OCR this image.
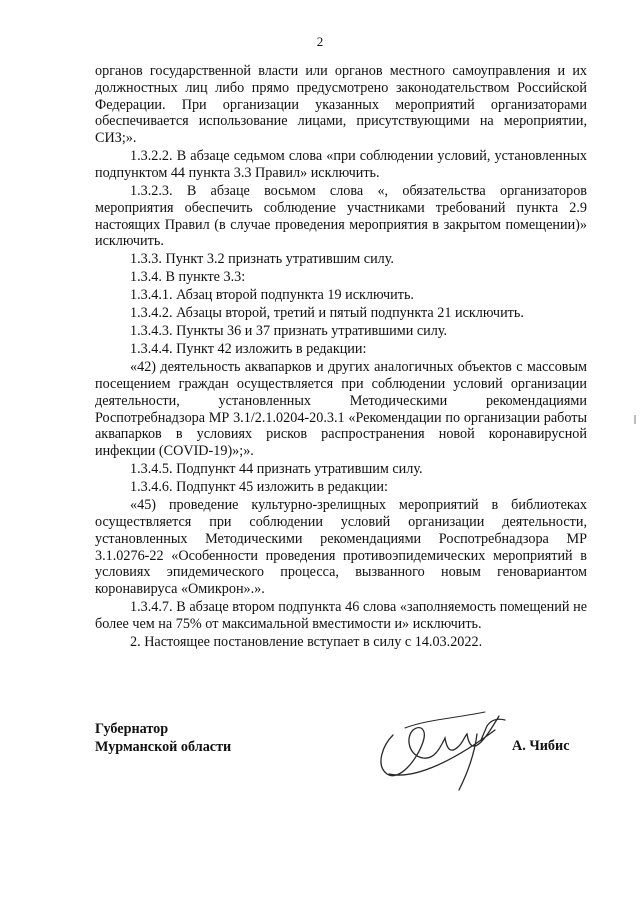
2

органов государственной власти или органов местного самоуправления и их должностных лиц либо прямо предусмотрено законодательством Российской Федерации. При организации указанных мероприятий организаторами обеспечивается использование лицами, присутствующими на мероприятии, СИЗ;».

1.3.2.2. В абзаце седьмом слова «при соблюдении условий, установленных подпунктом 44 пункта 3.3 Правил» исключить.

1.3.2.3. В абзаце восьмом слова «, обязательства организаторов мероприятия обеспечить соблюдение участниками требований пункта 2.9 настоящих Правил (в случае проведения мероприятия в закрытом помещении)» исключить.

1.3.3. Пункт 3.2 признать утратившим силу.

1.3.4. В пункте 3.3:

1.3.4.1. Абзац второй подпункта 19 исключить.

1.3.4.2. Абзацы второй, третий и пятый подпункта 21 исключить.

1.3.4.3. Пункты 36 и 37 признать утратившими силу.

1.3.4.4. Пункт 42 изложить в редакции:

«42) деятельность аквапарков и других аналогичных объектов с массовым посещением граждан осуществляется при соблюдении условий организации деятельности, установленных Методическими рекомендациями Роспотребнадзора МР 3.1/2.1.0204-20.3.1 «Рекомендации по организации работы аквапарков в условиях рисков распространения новой коронавирусной инфекции (COVID-19)»;».

1.3.4.5. Подпункт 44 признать утратившим силу.

1.3.4.6. Подпункт 45 изложить в редакции:

«45) проведение культурно-зрелищных мероприятий в библиотеках осуществляется при соблюдении условий организации деятельности, установленных Методическими рекомендациями Роспотребнадзора МР 3.1.0276-22 «Особенности проведения противоэпидемических мероприятий в условиях эпидемического процесса, вызванного новым геновариантом коронавируса «Омикрон».».

1.3.4.7. В абзаце втором подпункта 46 слова «заполняемость помещений не более чем на 75% от максимальной вместимости и» исключить.

2. Настоящее постановление вступает в силу с 14.03.2022.

Губернатор
Мурманской области	А. Чибис
